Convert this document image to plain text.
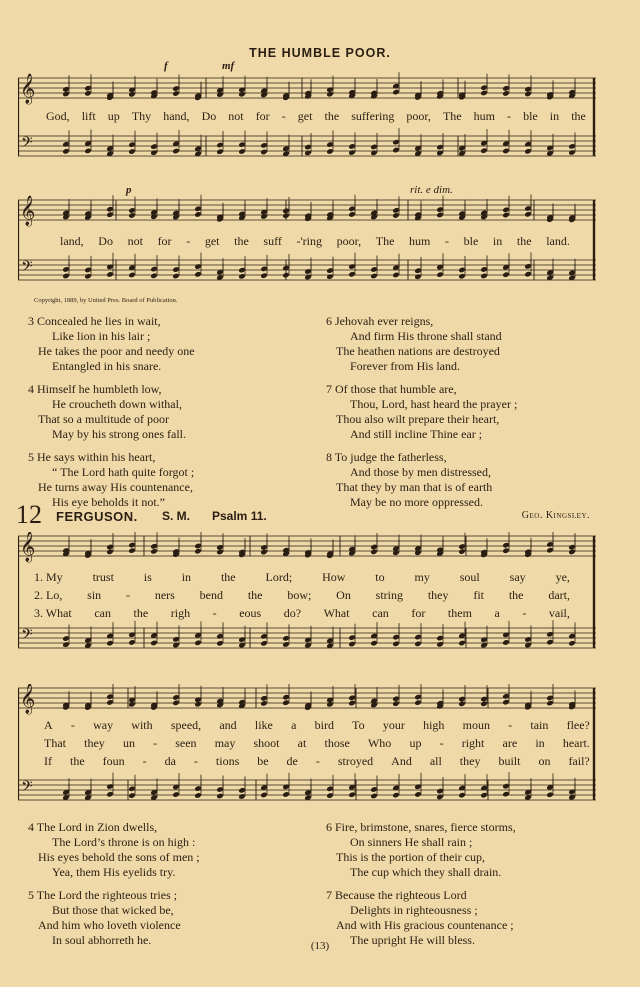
THE HUMBLE POOR.
𝄞
𝄢
f	mf
God, lift up Thy hand, Do not for - get the suffering poor, The hum - ble in the
𝄞
𝄢
p	rit. e dim.
land, Do not for - get the suff -'ring poor, The hum - ble in the land.
Copyright, 1889, by United Pres. Board of Publication.
3 Concealed he lies in wait,
Like lion in his lair ;
He takes the poor and needy one
Entangled in his snare.
4 Himself he humbleth low,
He croucheth down withal,
That so a multitude of poor
May by his strong ones fall.
5 He says within his heart,
“ The Lord hath quite forgot ;
He turns away His countenance,
His eye beholds it not.”
6 Jehovah ever reigns,
And firm His throne shall stand
The heathen nations are destroyed
Forever from His land.
7 Of those that humble are,
Thou, Lord, hast heard the prayer ;
Thou also wilt prepare their heart,
And still incline Thine ear ;
8 To judge the fatherless,
And those by men distressed,
That they by man that is of earth
May be no more oppressed.
12 FERGUSON. S. M. Psalm 11.	Geo. Kingsley.
𝄞
𝄢
1. My trust is in the Lord; How to my soul say ye,
2. Lo, sin - ners bend the bow; On string they fit the dart,
3. What can the righ - eous do? What can for them a - vail,
𝄞
𝄢
A - way with speed, and like a bird To your high moun - tain flee?
That they un - seen may shoot at those Who up - right are in heart.
If the foun - da - tions be de - stroyed And all they built on fail?
4 The Lord in Zion dwells,
The Lord’s throne is on high :
His eyes behold the sons of men ;
Yea, them His eyelids try.
5 The Lord the righteous tries ;
But those that wicked be,
And him who loveth violence
In soul abhorreth he.
6 Fire, brimstone, snares, fierce storms,
On sinners He shall rain ;
This is the portion of their cup,
The cup which they shall drain.
7 Because the righteous Lord
Delights in righteousness ;
And with His gracious countenance ;
The upright He will bless.
(13)
